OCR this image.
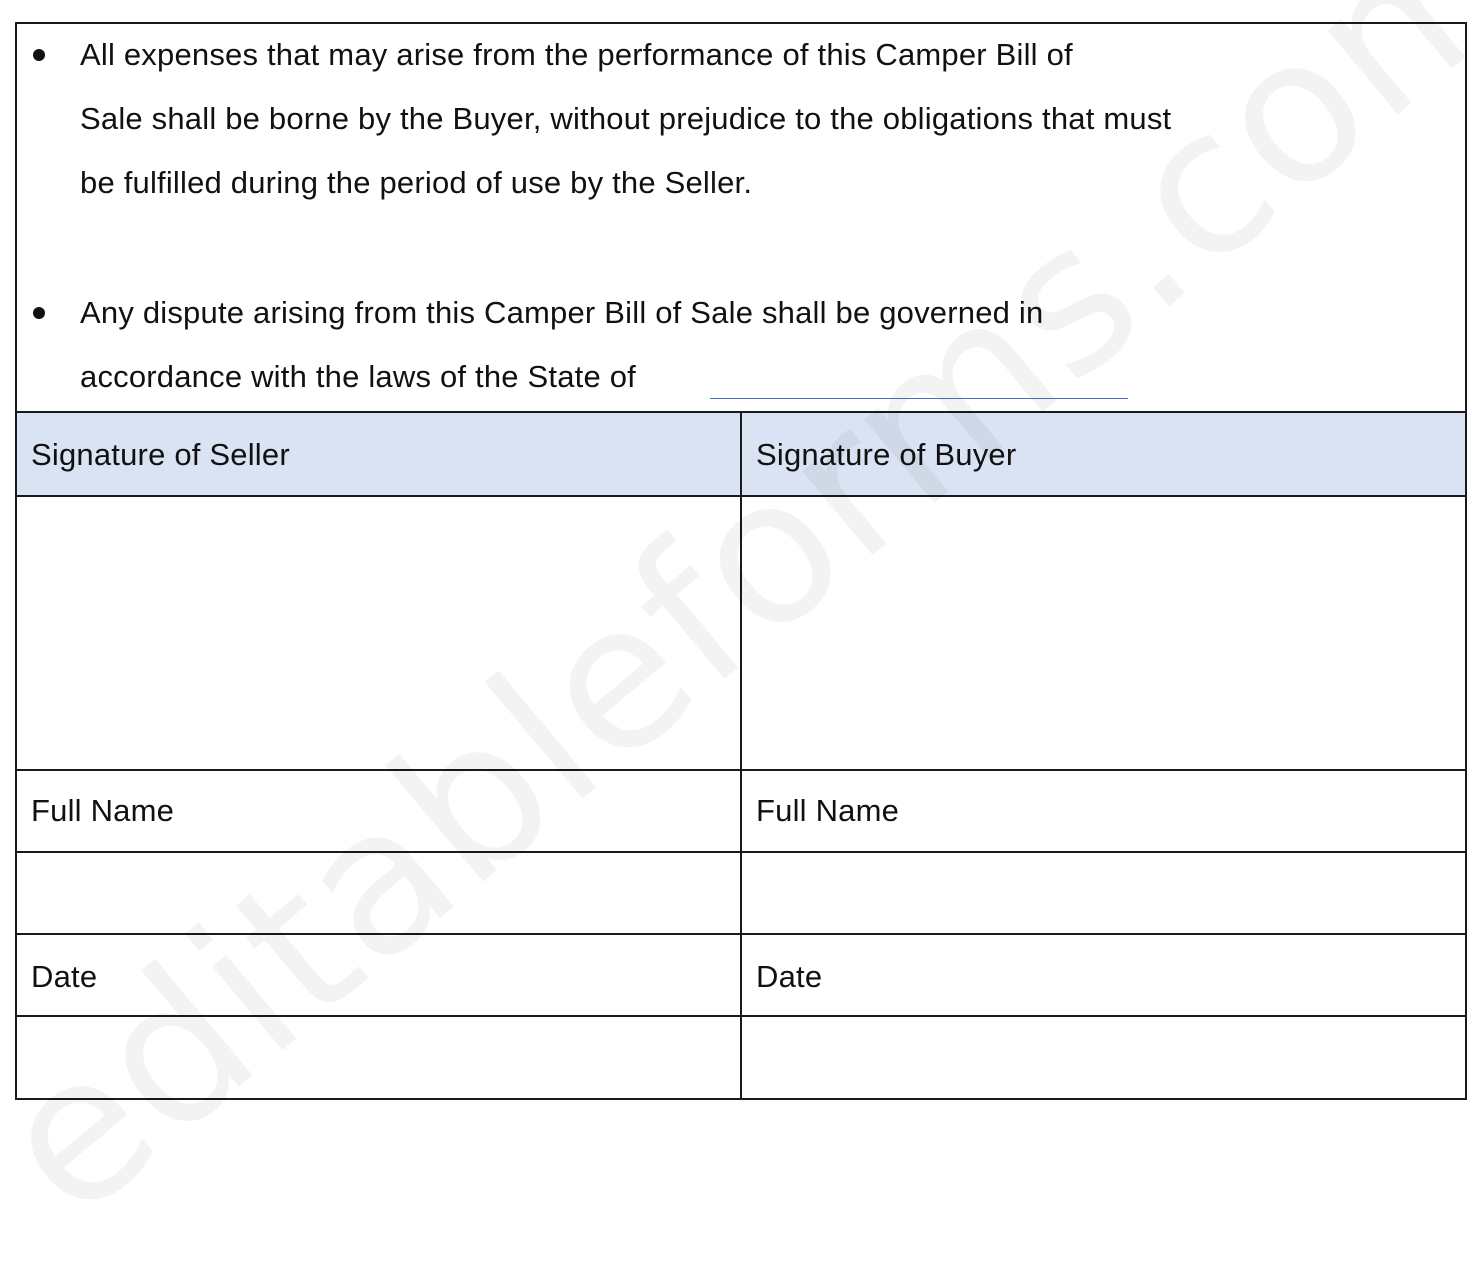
All expenses that may arise from the performance of this Camper Bill of
Sale shall be borne by the Buyer, without prejudice to the obligations that must
be fulfilled during the period of use by the Seller.
Any dispute arising from this Camper Bill of Sale shall be governed in
accordance with the laws of the State of
Signature of Seller	Signature of Buyer
Full Name	Full Name
Date	Date
